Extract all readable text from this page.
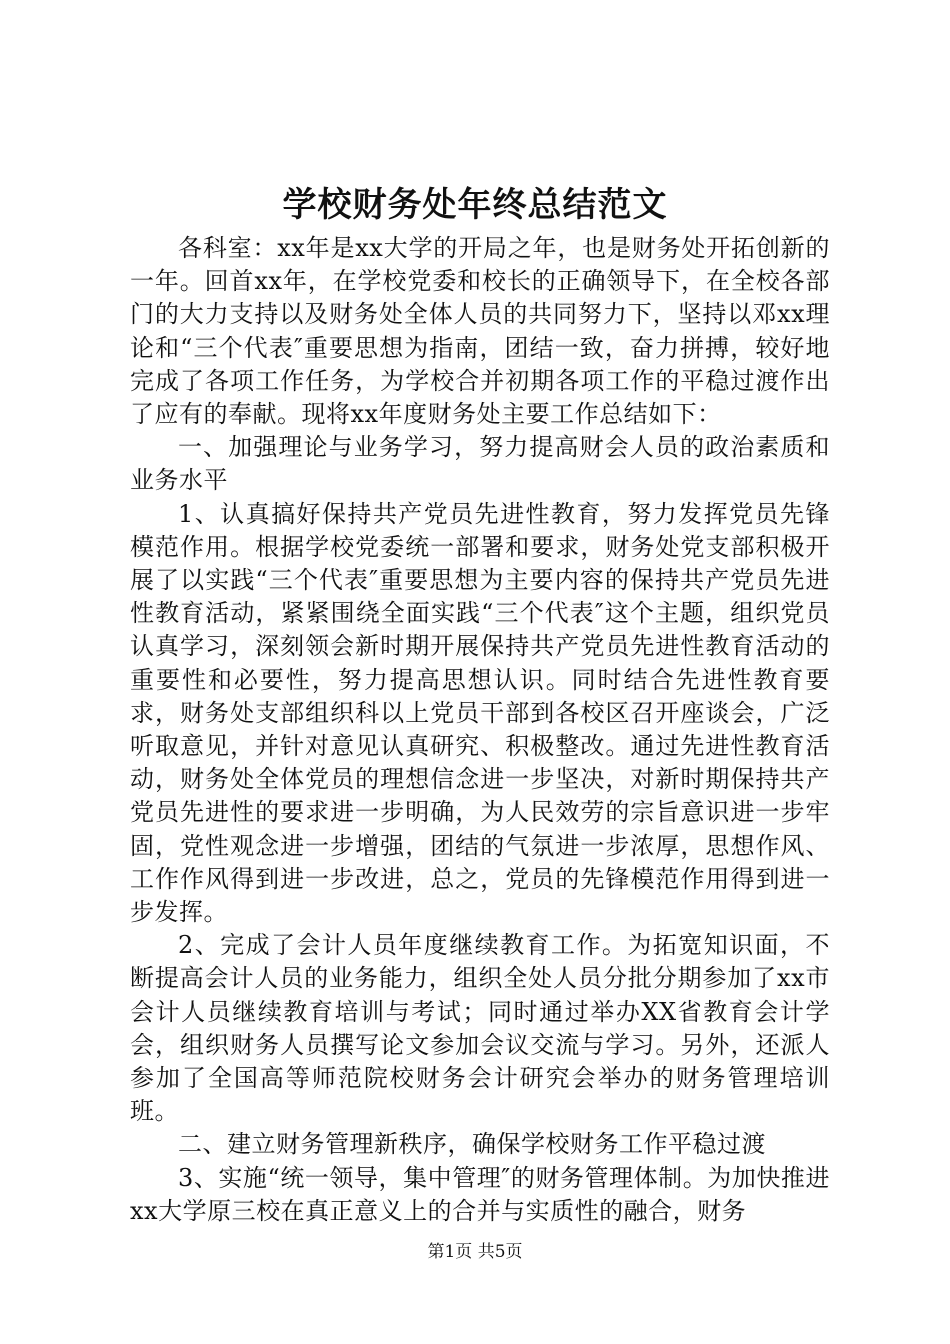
学校财务处年终总结范文

各科室：xx年是xx大学的开局之年，也是财务处开拓创新的一年。回首xx年，在学校党委和校长的正确领导下，在全校各部门的大力支持以及财务处全体人员的共同努力下，坚持以邓xx理论和“三个代表″重要思想为指南，团结一致，奋力拼搏，较好地完成了各项工作任务，为学校合并初期各项工作的平稳过渡作出了应有的奉献。现将xx年度财务处主要工作总结如下：

一、加强理论与业务学习，努力提高财会人员的政治素质和业务水平

1、认真搞好保持共产党员先进性教育，努力发挥党员先锋模范作用。根据学校党委统一部署和要求，财务处党支部积极开展了以实践“三个代表″重要思想为主要内容的保持共产党员先进性教育活动，紧紧围绕全面实践“三个代表″这个主题，组织党员认真学习，深刻领会新时期开展保持共产党员先进性教育活动的重要性和必要性，努力提高思想认识。同时结合先进性教育要求，财务处支部组织科以上党员干部到各校区召开座谈会，广泛听取意见，并针对意见认真研究、积极整改。通过先进性教育活动，财务处全体党员的理想信念进一步坚决，对新时期保持共产党员先进性的要求进一步明确，为人民效劳的宗旨意识进一步牢固，党性观念进一步增强，团结的气氛进一步浓厚，思想作风、工作作风得到进一步改进，总之，党员的先锋模范作用得到进一步发挥。

2、完成了会计人员年度继续教育工作。为拓宽知识面，不断提高会计人员的业务能力，组织全处人员分批分期参加了xx市会计人员继续教育培训与考试；同时通过举办XX省教育会计学会，组织财务人员撰写论文参加会议交流与学习。另外，还派人参加了全国高等师范院校财务会计研究会举办的财务管理培训班。

二、建立财务管理新秩序，确保学校财务工作平稳过渡

3、实施“统一领导，集中管理″的财务管理体制。为加快推进xx大学原三校在真正意义上的合并与实质性的融合，财务

第1页 共5页
